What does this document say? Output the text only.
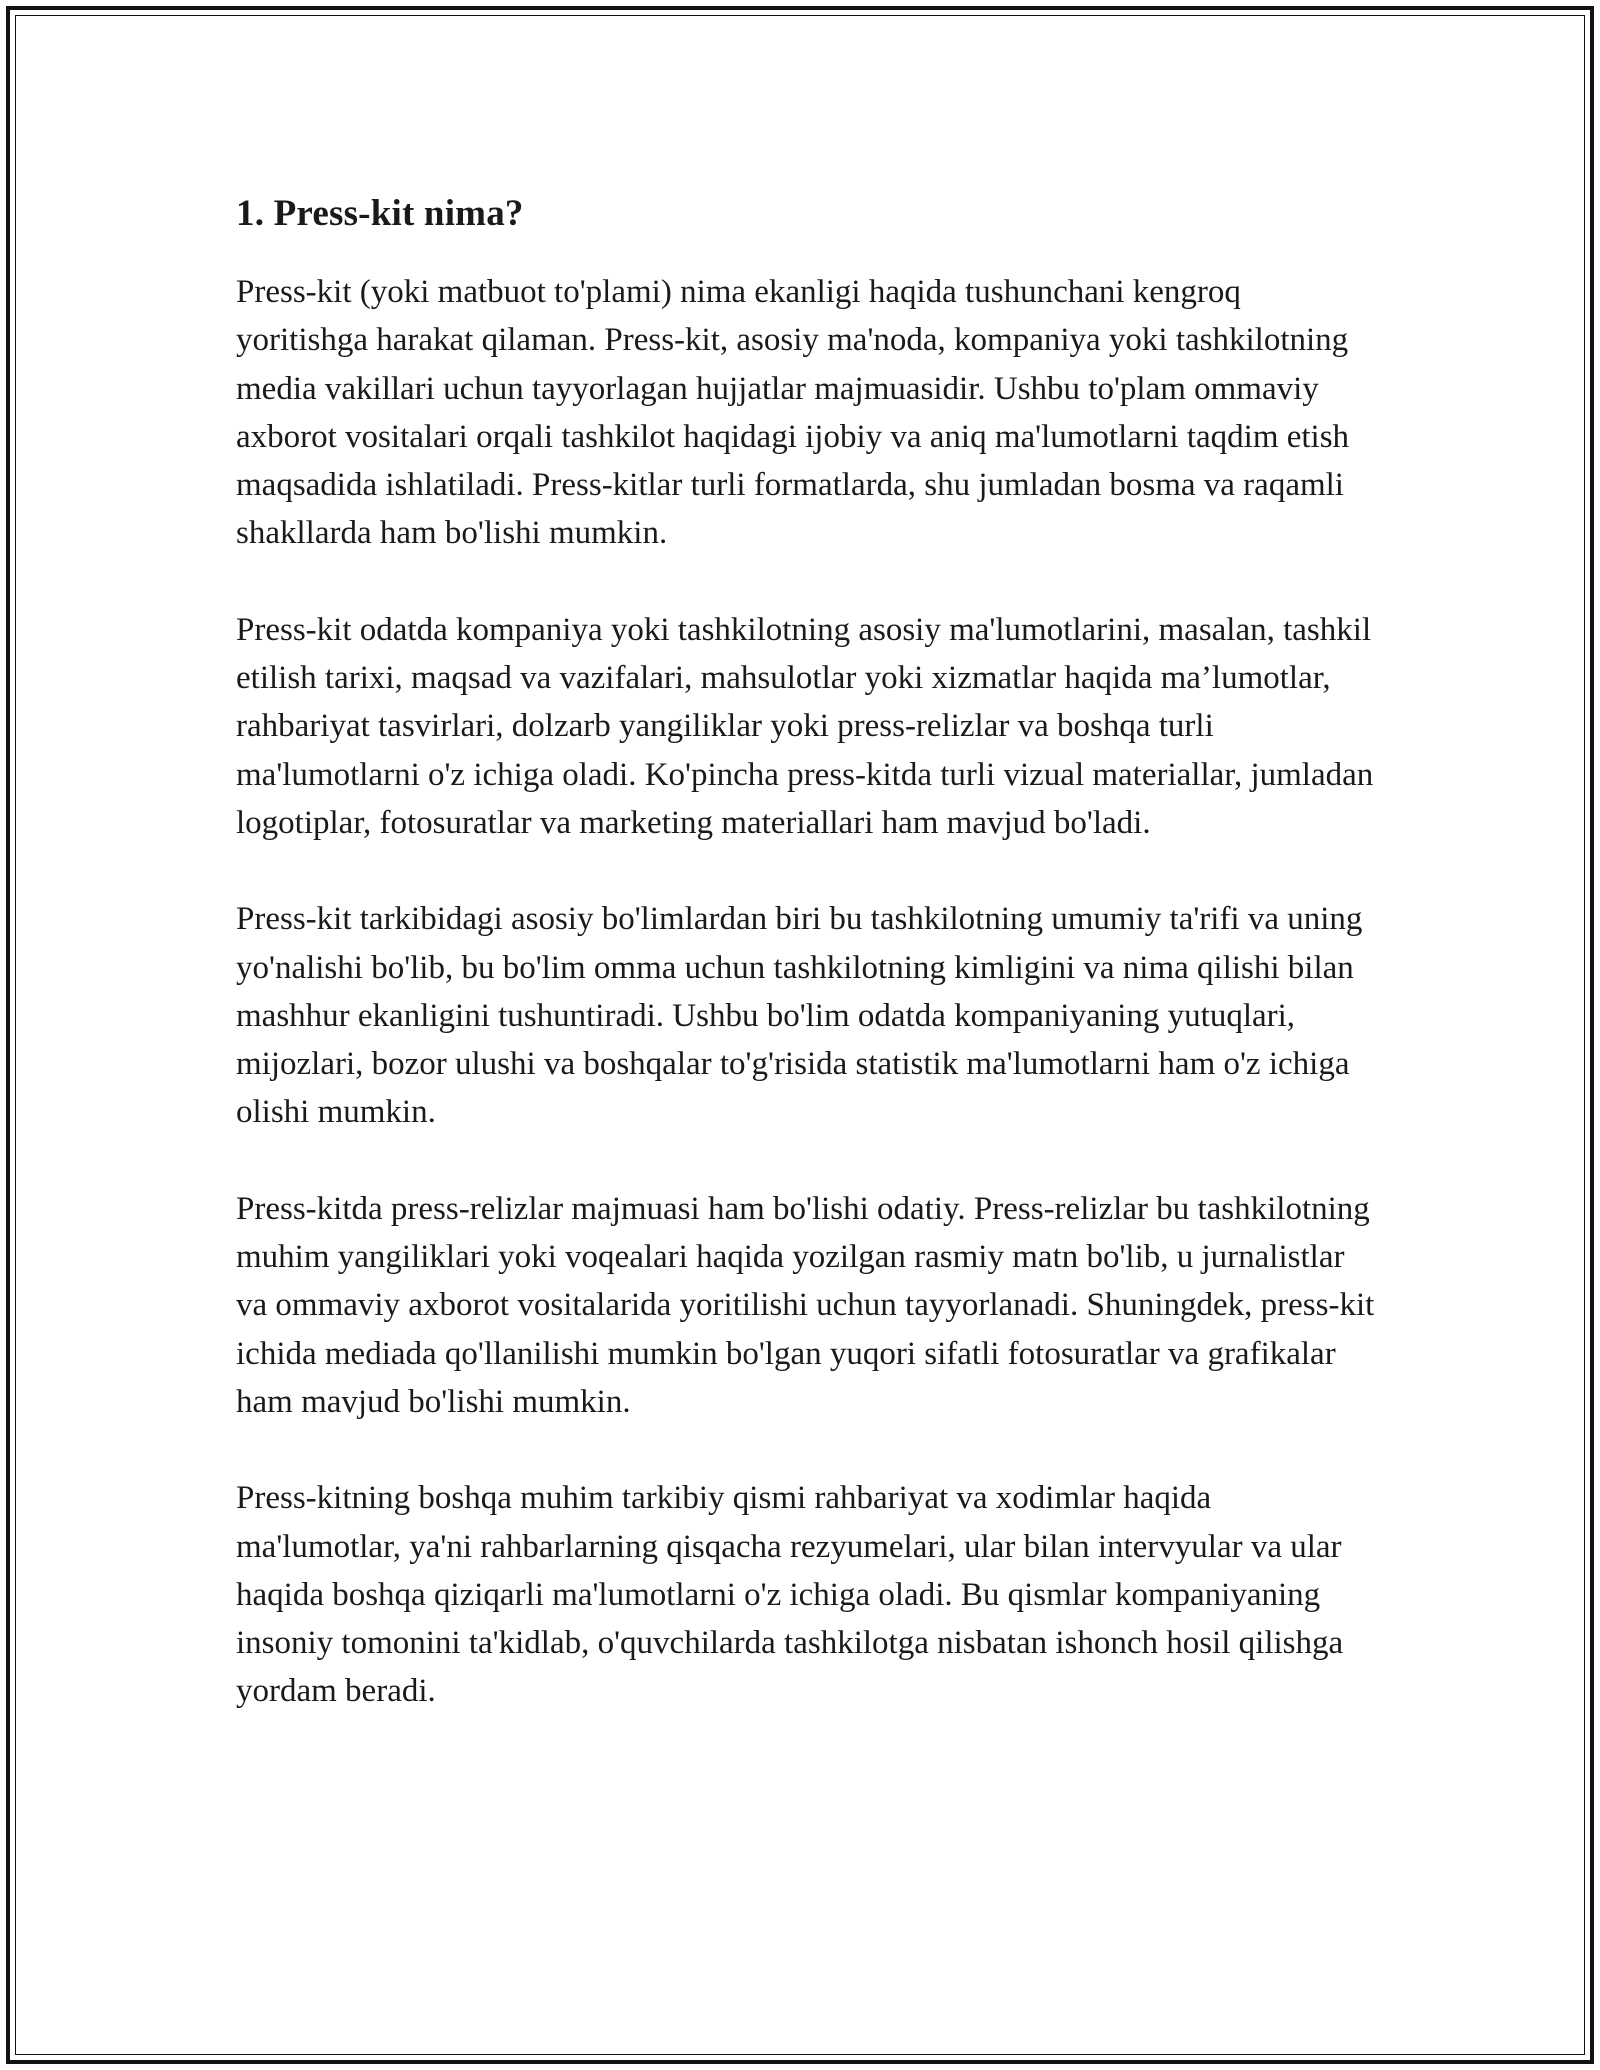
1. Press-kit nima?

Press-kit (yoki matbuot to'plami) nima ekanligi haqida tushunchani kengroq yoritishga harakat qilaman. Press-kit, asosiy ma'noda, kompaniya yoki tashkilotning media vakillari uchun tayyorlagan hujjatlar majmuasidir. Ushbu to'plam ommaviy axborot vositalari orqali tashkilot haqidagi ijobiy va aniq ma'lumotlarni taqdim etish maqsadida ishlatiladi. Press-kitlar turli formatlarda, shu jumladan bosma va raqamli shakllarda ham bo'lishi mumkin.

Press-kit odatda kompaniya yoki tashkilotning asosiy ma'lumotlarini, masalan, tashkil etilish tarixi, maqsad va vazifalari, mahsulotlar yoki xizmatlar haqida ma’lumotlar, rahbariyat tasvirlari, dolzarb yangiliklar yoki press-relizlar va boshqa turli ma'lumotlarni o'z ichiga oladi. Ko'pincha press-kitda turli vizual materiallar, jumladan logotiplar, fotosuratlar va marketing materiallari ham mavjud bo'ladi.

Press-kit tarkibidagi asosiy bo'limlardan biri bu tashkilotning umumiy ta'rifi va uning yo'nalishi bo'lib, bu bo'lim omma uchun tashkilotning kimligini va nima qilishi bilan mashhur ekanligini tushuntiradi. Ushbu bo'lim odatda kompaniyaning yutuqlari, mijozlari, bozor ulushi va boshqalar to'g'risida statistik ma'lumotlarni ham o'z ichiga olishi mumkin.

Press-kitda press-relizlar majmuasi ham bo'lishi odatiy. Press-relizlar bu tashkilotning muhim yangiliklari yoki voqealari haqida yozilgan rasmiy matn bo'lib, u jurnalistlar va ommaviy axborot vositalarida yoritilishi uchun tayyorlanadi. Shuningdek, press-kit ichida mediada qo'llanilishi mumkin bo'lgan yuqori sifatli fotosuratlar va grafikalar ham mavjud bo'lishi mumkin.

Press-kitning boshqa muhim tarkibiy qismi rahbariyat va xodimlar haqida ma'lumotlar, ya'ni rahbarlarning qisqacha rezyumelari, ular bilan intervyular va ular haqida boshqa qiziqarli ma'lumotlarni o'z ichiga oladi. Bu qismlar kompaniyaning insoniy tomonini ta'kidlab, o'quvchilarda tashkilotga nisbatan ishonch hosil qilishga yordam beradi.
